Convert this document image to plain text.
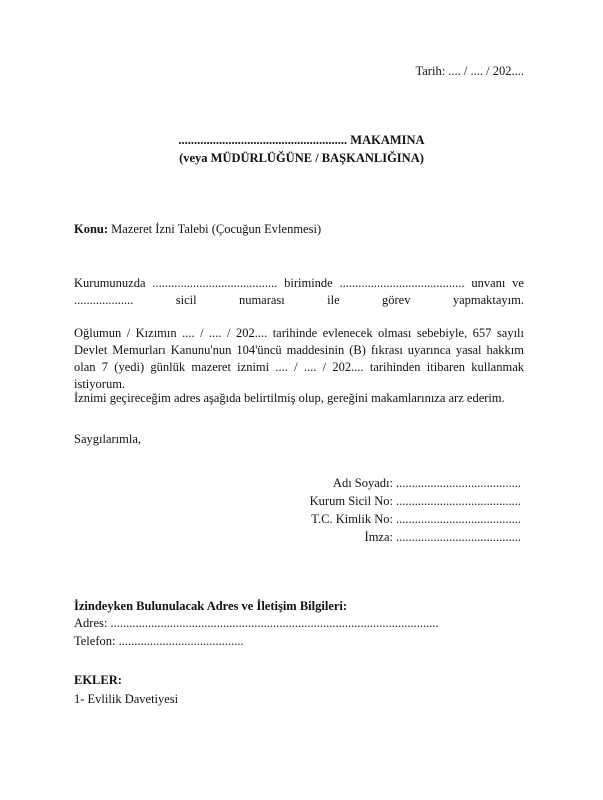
Tarih: .... / .... / 202....
...................................................... MAKAMINA
(veya MÜDÜRLÜĞÜNE / BAŞKANLIĞINA)
Konu: Mazeret İzni Talebi (Çocuğun Evlenmesi)
Kurumunuzda ........................................ biriminde ........................................ unvanı ve
...................	sicil	numarası	ile	görev	yapmaktayım.
Oğlumun / Kızımın .... / .... / 202.... tarihinde evlenecek olması sebebiyle, 657 sayılı Devlet Memurları Kanunu'nun 104'üncü maddesinin (B) fıkrası uyarınca yasal hakkım olan 7 (yedi) günlük mazeret iznimi .... / .... / 202.... tarihinden itibaren kullanmak istiyorum.
İznimi geçireceğim adres aşağıda belirtilmiş olup, gereğini makamlarınıza arz ederim.
Saygılarımla,
Adı Soyadı: ........................................
Kurum Sicil No: ........................................
T.C. Kimlik No: ........................................
İmza: ........................................
İzindeyken Bulunulacak Adres ve İletişim Bilgileri:
Adres: .........................................................................................................
Telefon: ........................................
EKLER:
1- Evlilik Davetiyesi
